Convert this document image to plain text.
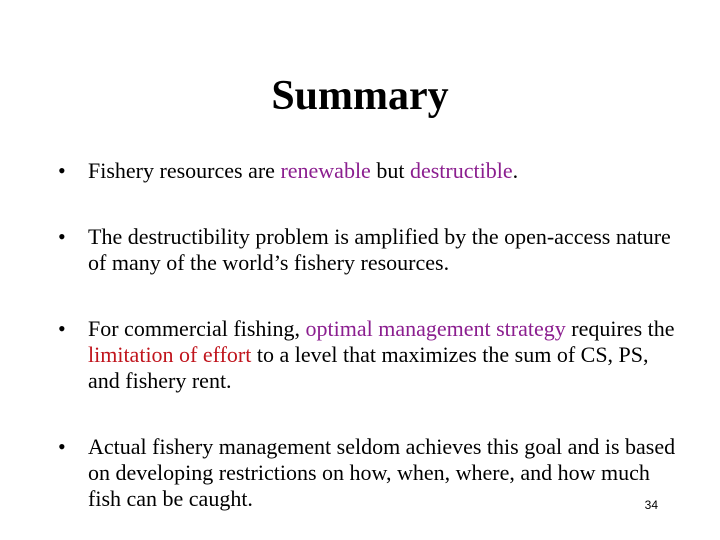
Summary
•	Fishery resources are renewable but destructible.
•	The destructibility problem is amplified by the open-access nature of many of the world’s fishery resources.
•	For commercial fishing, optimal management strategy requires the limitation of effort to a level that maximizes the sum of CS, PS, and fishery rent.
•	Actual fishery management seldom achieves this goal and is based on developing restrictions on how, when, where, and how much fish can be caught.	34
